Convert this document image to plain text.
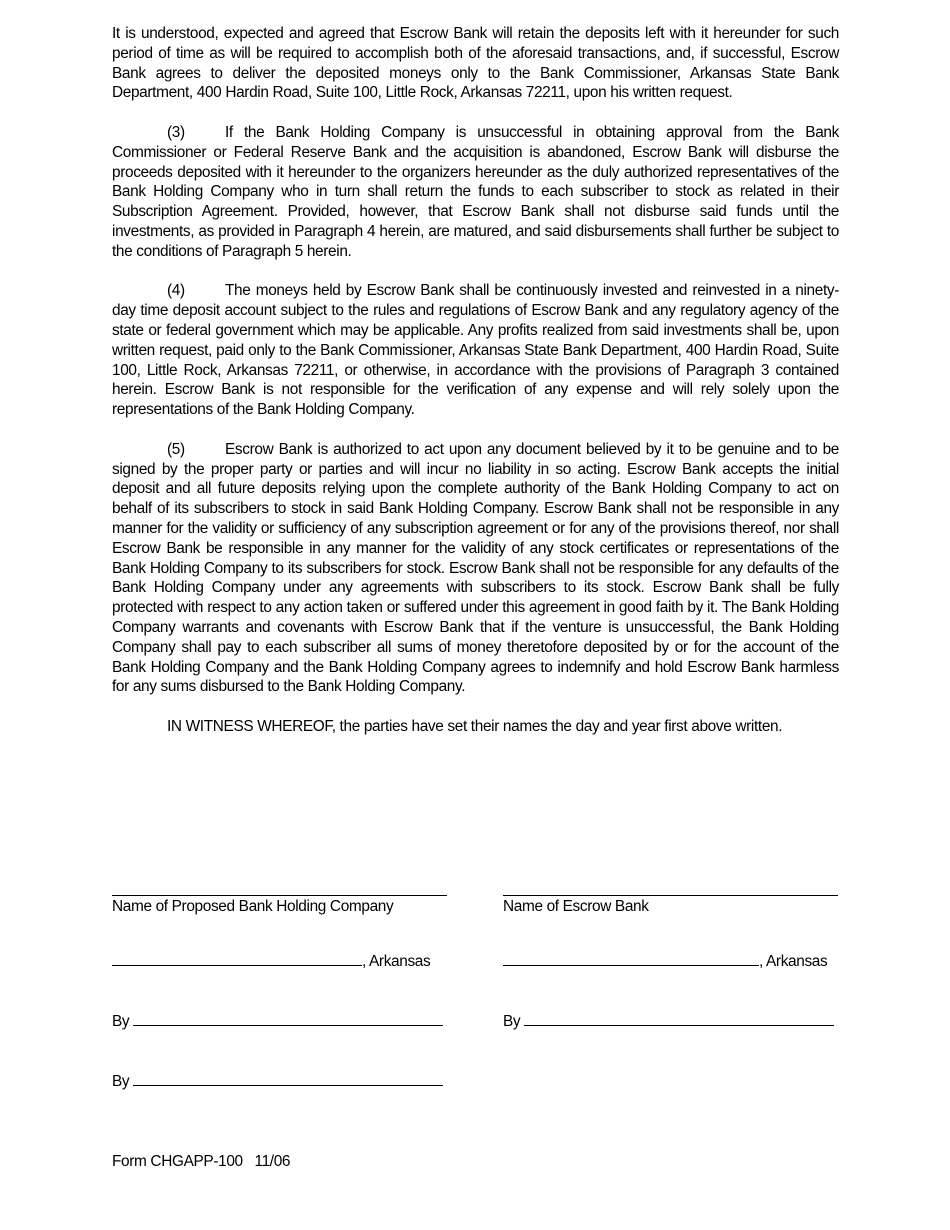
It is understood, expected and agreed that Escrow Bank will retain the deposits left with it hereunder for such period of time as will be required to accomplish both of the aforesaid transactions, and, if successful, Escrow Bank agrees to deliver the deposited moneys only to the Bank Commissioner, Arkansas State Bank Department, 400 Hardin Road, Suite 100, Little Rock, Arkansas 72211, upon his written request.

(3)	If the Bank Holding Company is unsuccessful in obtaining approval from the Bank Commissioner or Federal Reserve Bank and the acquisition is abandoned, Escrow Bank will disburse the proceeds deposited with it hereunder to the organizers hereunder as the duly authorized representatives of the Bank Holding Company who in turn shall return the funds to each subscriber to stock as related in their Subscription Agreement. Provided, however, that Escrow Bank shall not disburse said funds until the investments, as provided in Paragraph 4 herein, are matured, and said disbursements shall further be subject to the conditions of Paragraph 5 herein.

(4)	The moneys held by Escrow Bank shall be continuously invested and reinvested in a ninety-day time deposit account subject to the rules and regulations of Escrow Bank and any regulatory agency of the state or federal government which may be applicable. Any profits realized from said investments shall be, upon written request, paid only to the Bank Commissioner, Arkansas State Bank Department, 400 Hardin Road, Suite 100, Little Rock, Arkansas 72211, or otherwise, in accordance with the provisions of Paragraph 3 contained herein. Escrow Bank is not responsible for the verification of any expense and will rely solely upon the representations of the Bank Holding Company.

(5)	Escrow Bank is authorized to act upon any document believed by it to be genuine and to be signed by the proper party or parties and will incur no liability in so acting. Escrow Bank accepts the initial deposit and all future deposits relying upon the complete authority of the Bank Holding Company to act on behalf of its subscribers to stock in said Bank Holding Company. Escrow Bank shall not be responsible in any manner for the validity or sufficiency of any subscription agreement or for any of the provisions thereof, nor shall Escrow Bank be responsible in any manner for the validity of any stock certificates or representations of the Bank Holding Company to its subscribers for stock. Escrow Bank shall not be responsible for any defaults of the Bank Holding Company under any agreements with subscribers to its stock. Escrow Bank shall be fully protected with respect to any action taken or suffered under this agreement in good faith by it. The Bank Holding Company warrants and covenants with Escrow Bank that if the venture is unsuccessful, the Bank Holding Company shall pay to each subscriber all sums of money theretofore deposited by or for the account of the Bank Holding Company and the Bank Holding Company agrees to indemnify and hold Escrow Bank harmless for any sums disbursed to the Bank Holding Company.

IN WITNESS WHEREOF, the parties have set their names the day and year first above written.

Name of Proposed Bank Holding Company
, Arkansas
By
By
Name of Escrow Bank
, Arkansas
By
Form CHGAPP-100   11/06
